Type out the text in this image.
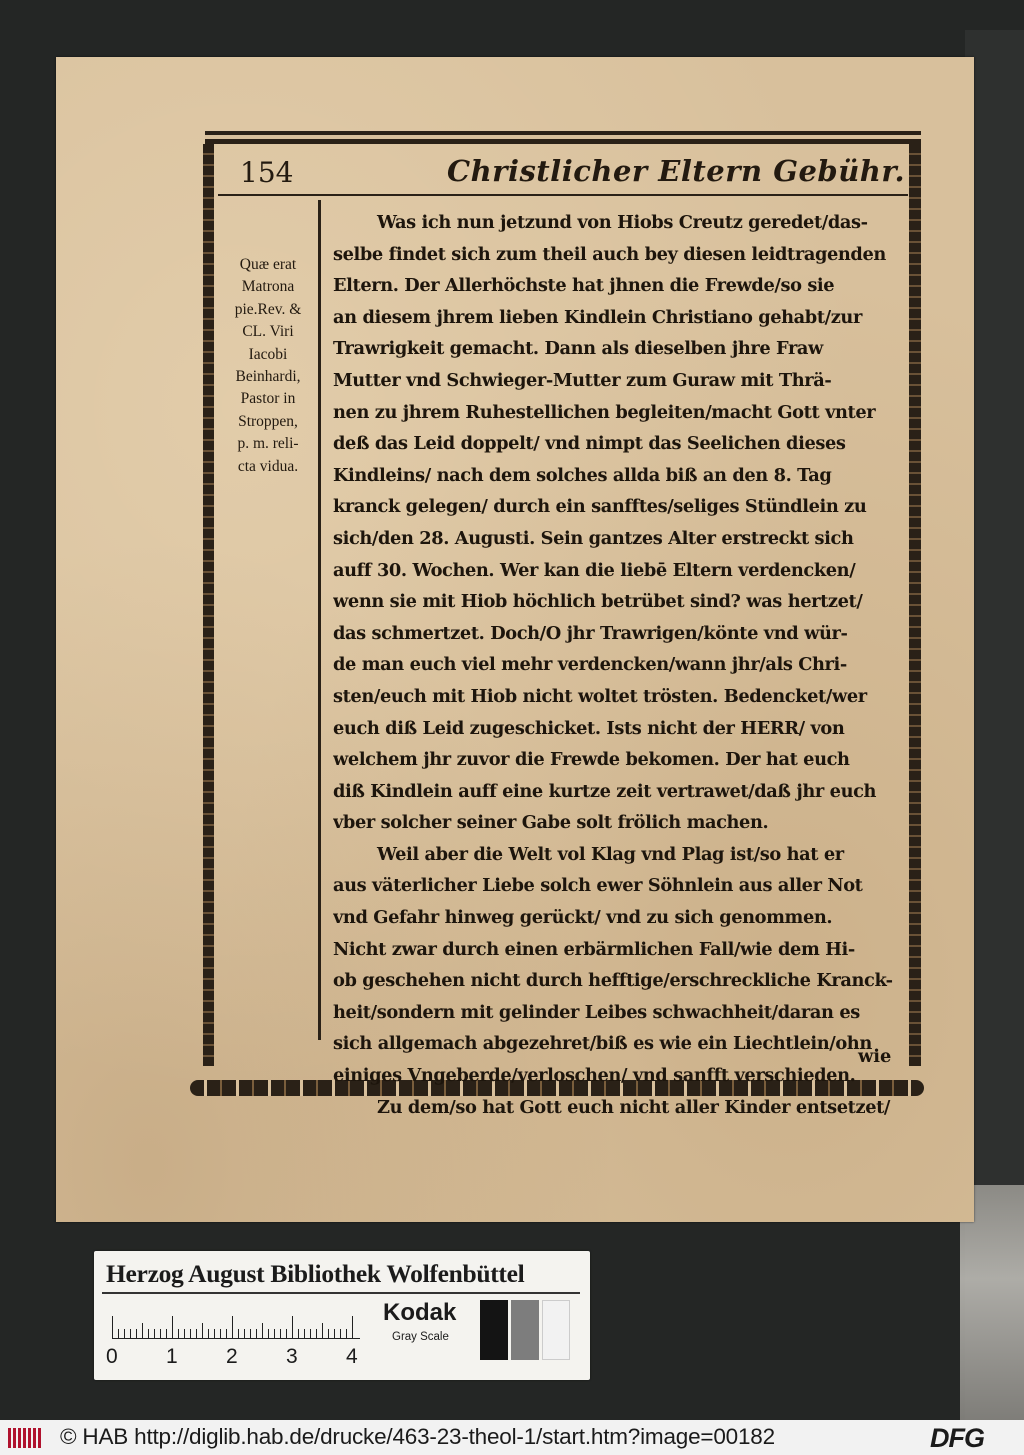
154	Christlicher Eltern Gebühr.
Quæ erat
Matrona
pie.Rev. &
CL. Viri
Iacobi
Beinhardi,
Pastor in
Stroppen,
p. m. reli-
cta vidua.
Was ich nun jetzund von Hiobs Creutz geredet/das-
selbe findet sich zum theil auch bey diesen leidtragenden
Eltern. Der Allerhöchste hat jhnen die Frewde/so sie
an diesem jhrem lieben Kindlein Christiano gehabt/zur
Trawrigkeit gemacht. Dann als dieselben jhre Fraw
Mutter vnd Schwieger-Mutter zum Guraw mit Thrä-
nen zu jhrem Ruhestellichen begleiten/macht Gott vnter
deß das Leid doppelt/ vnd nimpt das Seelichen dieses
Kindleins/ nach dem solches allda biß an den 8. Tag
kranck gelegen/ durch ein sanfftes/seliges Stündlein zu
sich/den 28. Augusti. Sein gantzes Alter erstreckt sich
auff 30. Wochen. Wer kan die liebē Eltern verdencken/
wenn sie mit Hiob höchlich betrübet sind? was hertzet/
das schmertzet. Doch/O jhr Trawrigen/könte vnd wür-
de man euch viel mehr verdencken/wann jhr/als Chri-
sten/euch mit Hiob nicht woltet trösten. Bedencket/wer
euch diß Leid zugeschicket. Ists nicht der HERR/ von
welchem jhr zuvor die Frewde bekomen. Der hat euch
diß Kindlein auff eine kurtze zeit vertrawet/daß jhr euch
vber solcher seiner Gabe solt frölich machen.
Weil aber die Welt vol Klag vnd Plag ist/so hat er
aus väterlicher Liebe solch ewer Söhnlein aus aller Not
vnd Gefahr hinweg gerückt/ vnd zu sich genommen.
Nicht zwar durch einen erbärmlichen Fall/wie dem Hi-
ob geschehen nicht durch hefftige/erschreckliche Kranck-
heit/sondern mit gelinder Leibes schwachheit/daran es
sich allgemach abgezehret/biß es wie ein Liechtlein/ohn
einiges Vngeberde/verloschen/ vnd sanfft verschieden.
Zu dem/so hat Gott euch nicht aller Kinder entsetzet/
wie
Herzog August Bibliothek Wolfenbüttel
Kodak
Gray Scale
0 1 2 3 4
© HAB http://diglib.hab.de/drucke/463-23-theol-1/start.htm?image=00182	DFG
